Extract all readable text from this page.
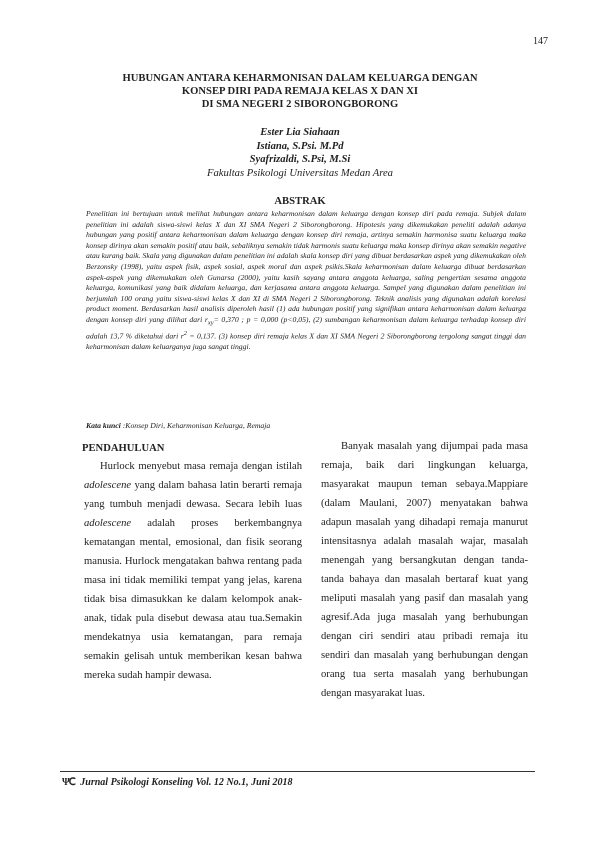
147
HUBUNGAN ANTARA KEHARMONISAN DALAM KELUARGA DENGAN
KONSEP DIRI PADA REMAJA KELAS X DAN XI
DI SMA NEGERI 2 SIBORONGBORONG
Ester Lia Siahaan
Istiana, S.Psi. M.Pd
Syafrizaldi, S.Psi, M.Si
Fakultas Psikologi Universitas Medan Area
ABSTRAK

Penelitian ini bertujuan untuk melihat hubungan antara keharmonisan dalam keluarga dengan konsep diri pada remaja. Subjek dalam penelitian ini adalah siswa-siswi kelas X dan XI SMA Negeri 2 Siborongborong. Hipotesis yang dikemukakan peneliti adalah adanya hubungan yang positif antara keharmonisan dalam keluarga dengan konsep diri remaja, artinya semakin harmonisa suatu keluarga maka konsep dirinya akan semakin positif atau baik, sebaliknya semakin tidak harmonis suatu keluarga maka konsep dirinya akan semakin negative atau kurang baik. Skala yang digunakan dalam penelitian ini adalah skala konsep diri yang dibuat berdasarkan aspek yang dikemukakan oleh Berzonsky (1998), yaitu aspek fisik, aspek sosial, aspek moral dan aspek psikis.Skala keharmonisan dalam keluarga dibuat berdasarkan aspek-aspek yang dikemukakan oleh Gunarsa (2000), yaitu kasih sayang antara anggota keluarga, saling pengertian sesama anggota keluarga, komunikasi yang baik didalam keluarga, dan kerjasama antara anggota keluarga. Sampel yang digunakan dalam penelitian ini berjumlah 100 orang yaitu siswa-siswi kelas X dan XI di SMA Negeri 2 Siborongborong. Teknik analisis yang digunakan adalah korelasi product moment. Berdasarkan hasil analisis diperoleh hasil (1) ada hubungan positif yang signifikan antara keharmonisan dalam keluarga dengan konsep diri yang dilihat dari $r_{xy}= 0,370$ ; p = 0,000 (p<0,05), (2) sumbangan keharmonisan dalam keluarga terhadap konsep diri adalah 13,7 % diketahui dari $r^2 = 0,137$. (3) konsep diri remaja kelas X dan XI SMA Negeri 2 Siborongborong tergolong sangat tinggi dan keharmonisan dalam keluarganya juga sangat tinggi.

Kata kunci :Konsep Diri, Keharmonisan Keluarga, Remaja
PENDAHULUAN

Hurlock menyebut masa remaja dengan istilah adolescene yang dalam bahasa latin berarti remaja yang tumbuh menjadi dewasa. Secara lebih luas adolescene adalah proses berkembangnya kematangan mental, emosional, dan fisik seorang manusia. Hurlock mengatakan bahwa rentang pada masa ini tidak memiliki tempat yang jelas, karena tidak bisa dimasukkan ke dalam kelompok anak-anak, tidak pula disebut dewasa atau tua.Semakin mendekatnya usia kematangan, para remaja semakin gelisah untuk memberikan kesan bahwa mereka sudah hampir dewasa.

Banyak masalah yang dijumpai pada masa remaja, baik dari lingkungan keluarga, masyarakat maupun teman sebaya.Mappiare (dalam Maulani, 2007) menyatakan bahwa adapun masalah yang dihadapi remaja manurut intensitasnya adalah masalah wajar, masalah menengah yang bersangkutan dengan tanda-tanda bahaya dan masalah bertaraf kuat yang meliputi masalah yang pasif dan masalah yang agresif.Ada juga masalah yang berhubungan dengan ciri sendiri atau pribadi remaja itu sendiri dan masalah yang berhubungan dengan orang tua serta masalah yang berhubungan dengan masyarakat luas.

ΨⅭ Jurnal Psikologi Konseling Vol. 12 No.1, Juni 2018
